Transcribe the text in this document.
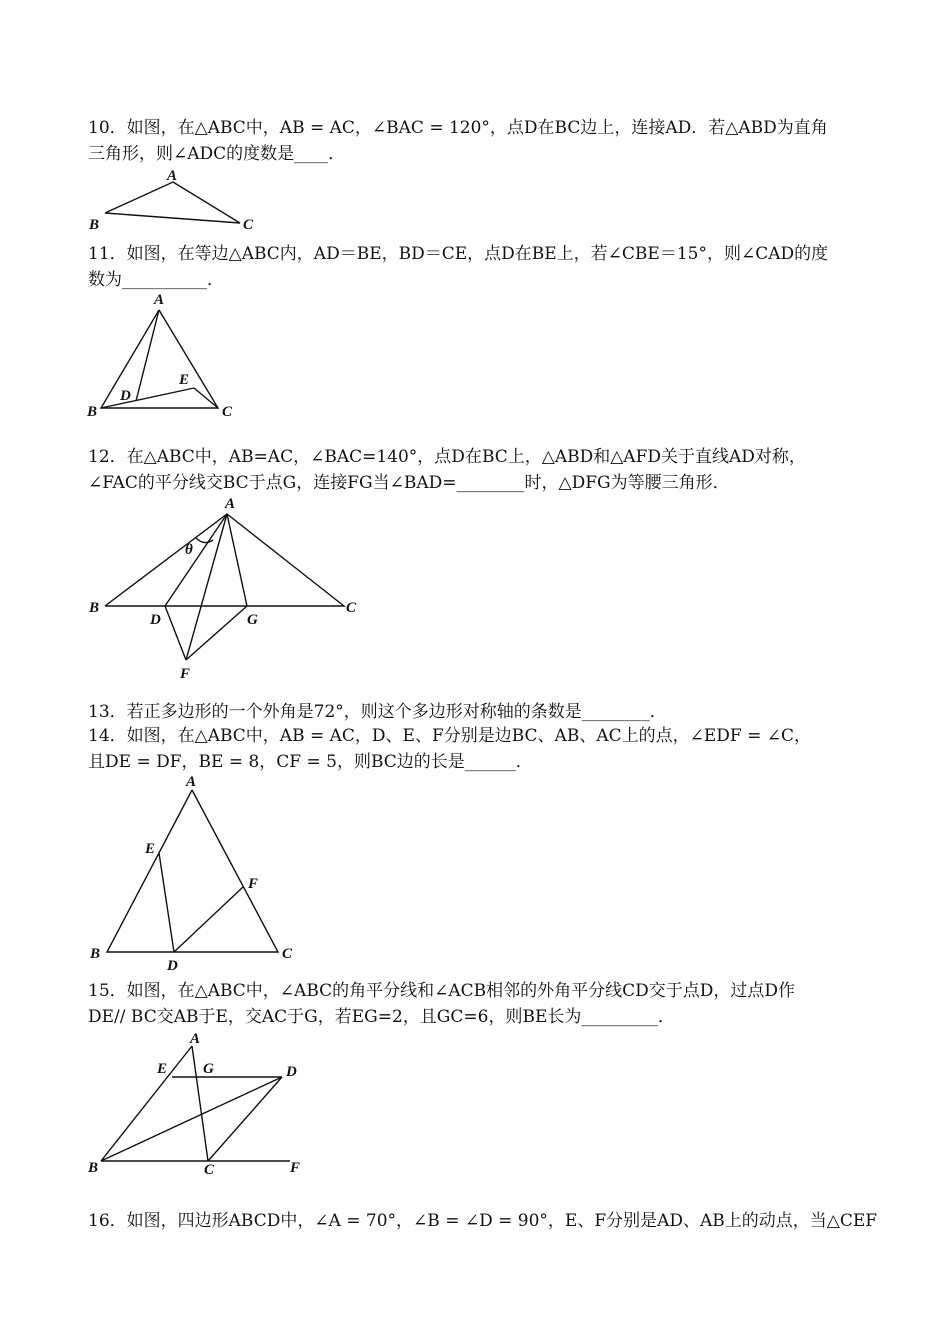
10．如图，在△ABC中，AB = AC，∠BAC = 120°，点D在BC边上，连接AD．若△ABD为直角
三角形，则∠ADC的度数是____．
A
B	C
11．如图，在等边△ABC内，AD＝BE，BD＝CE，点D在BE上，若∠CBE＝15°，则∠CAD的度
数为__________．
A
B	C
D
E
12．在△ABC中，AB=AC，∠BAC=140°，点D在BC上，△ABD和△AFD关于直线AD对称，
∠FAC的平分线交BC于点G，连接FG当∠BAD=________时，△DFG为等腰三角形．
A
B	C
D	G
F
θ
13．若正多边形的一个外角是72°，则这个多边形对称轴的条数是________．
14．如图，在△ABC中，AB = AC，D、E、F分别是边BC、AB、AC上的点，∠EDF = ∠C，
且DE = DF，BE = 8，CF = 5，则BC边的长是______．
A
B	C
D
E
F
15．如图，在△ABC中，∠ABC的角平分线和∠ACB相邻的外角平分线CD交于点D，过点D作
DE// BC交AB于E，交AC于G，若EG=2，且GC=6，则BE长为_________．
A
B	C
D
E G
F
16．如图，四边形ABCD中，∠A = 70°，∠B = ∠D = 90°，E、F分别是AD、AB上的动点，当△CEF
